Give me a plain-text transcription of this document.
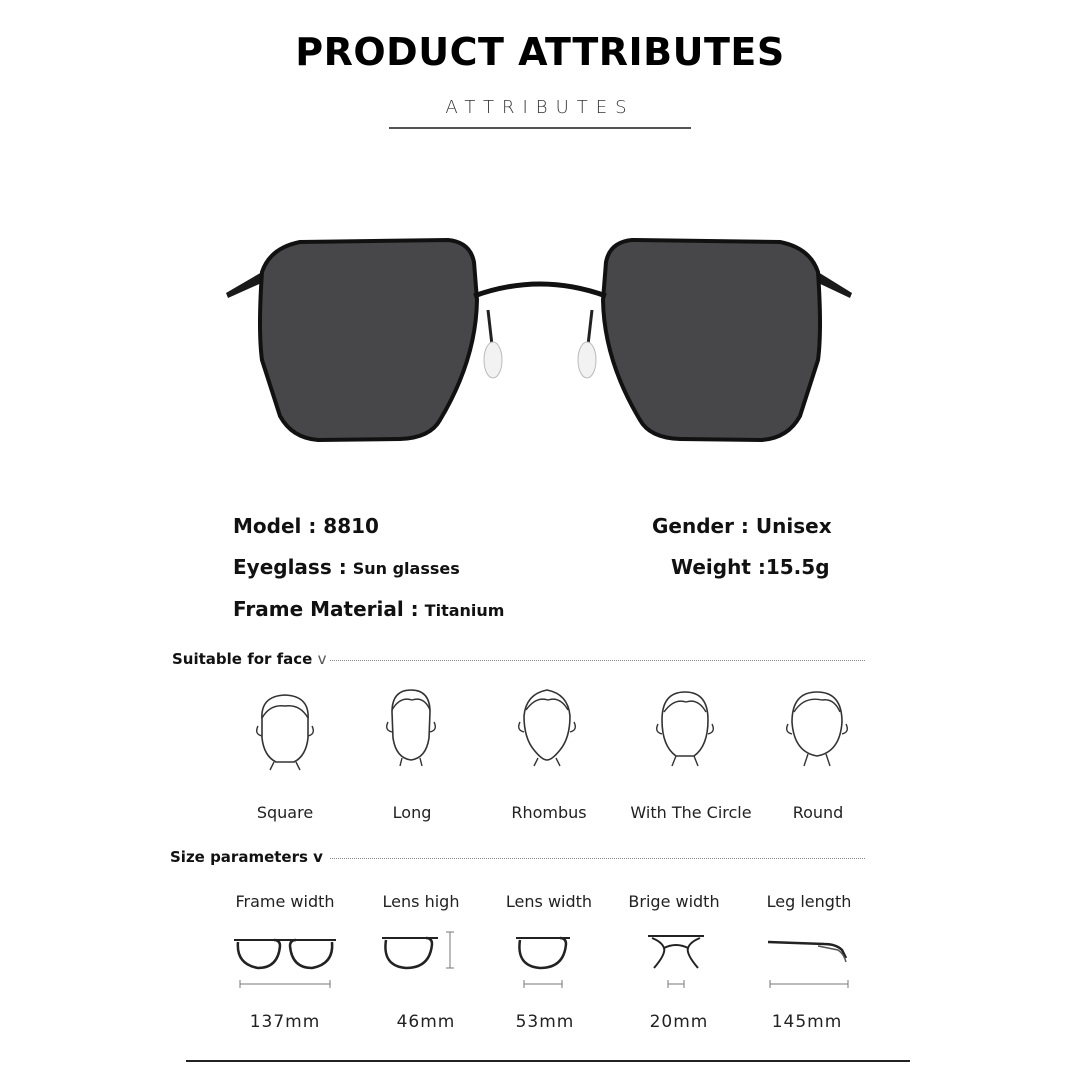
PRODUCT ATTRIBUTES
ATTRIBUTES
Model : 8810	Gender : Unisex
Eyeglass : Sun glasses	Weight :15.5g
Frame Material : Titanium
Suitable for face v
Square	Long	Rhombus	With The Circle	Round
Size parameters v
Frame width	Lens high	Lens width	Brige width	Leg length
137mm	46mm	53mm	20mm	145mm
